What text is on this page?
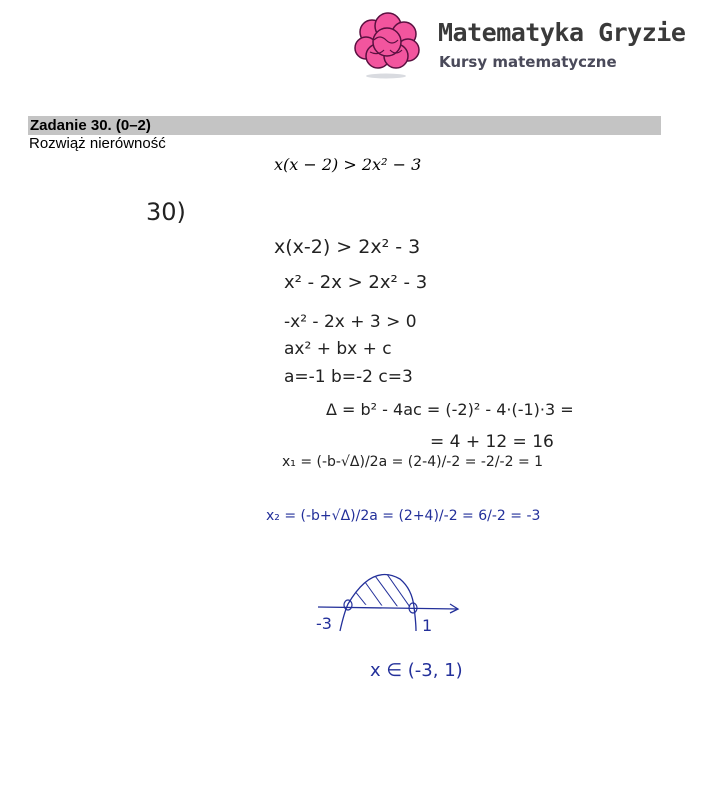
Matematyka Gryzie
Kursy matematyczne
Zadanie 30. (0–2)
Rozwiąż nierówność
x(x − 2) > 2x² − 3
30)
x(x-2) > 2x² - 3
x² - 2x > 2x² - 3
-x² - 2x + 3 > 0
ax² + bx + c
a=-1 b=-2 c=3
Δ = b² - 4ac = (-2)² - 4·(-1)·3 =
= 4 + 12 = 16
x₁ = (-b-√Δ)/2a = (2-4)/-2 = -2/-2 = 1
x₂ = (-b+√Δ)/2a = (2+4)/-2 = 6/-2 = -3
-3	1
x ∈ (-3, 1)
